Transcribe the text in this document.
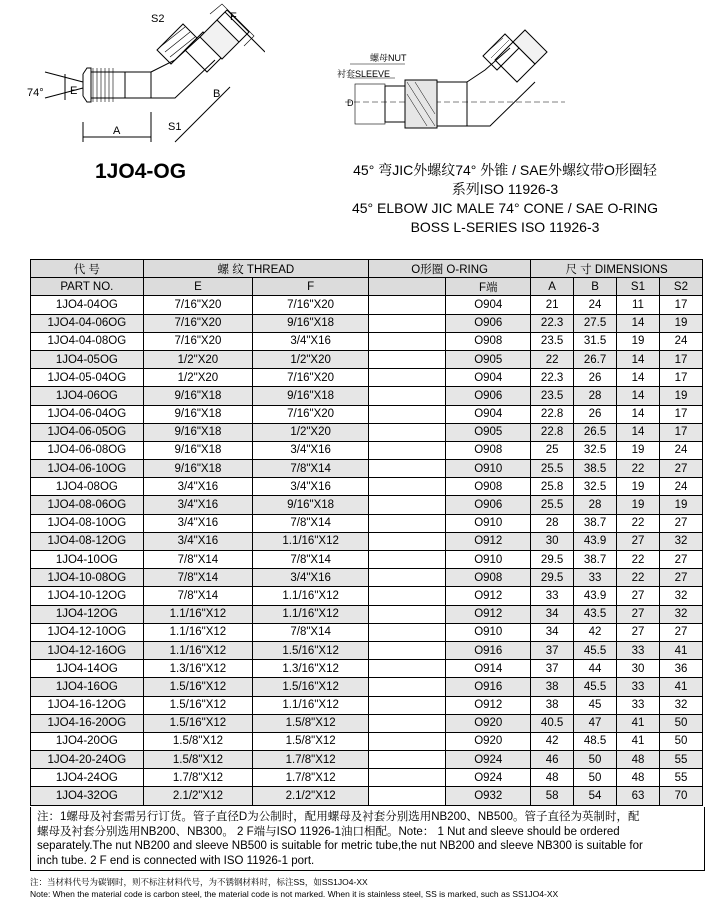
S2	F
74° E	B
A	S1
螺母NUT
衬套SLEEVE
D
1JO4-OG	45° 弯JIC外螺纹74° 外锥 / SAE外螺纹带O形圈轻
系列ISO 11926-3
45° ELBOW JIC MALE 74° CONE / SAE O-RING
BOSS L-SERIES ISO 11926-3
代 号	螺 纹 THREAD		O形圈 O-RING		尺 寸 DIMENSIONS			
PART NO.	E	F		F端	A	B	S1	S2
1JO4-04OG	7/16"X20	7/16"X20		O904	21	24	11	17
1JO4-04-06OG	7/16"X20	9/16"X18		O906	22.3	27.5	14	19
1JO4-04-08OG	7/16"X20	3/4"X16		O908	23.5	31.5	19	24
1JO4-05OG	1/2"X20	1/2"X20		O905	22	26.7	14	17
1JO4-05-04OG	1/2"X20	7/16"X20		O904	22.3	26	14	17
1JO4-06OG	9/16"X18	9/16"X18		O906	23.5	28	14	19
1JO4-06-04OG	9/16"X18	7/16"X20		O904	22.8	26	14	17
1JO4-06-05OG	9/16"X18	1/2"X20		O905	22.8	26.5	14	17
1JO4-06-08OG	9/16"X18	3/4"X16		O908	25	32.5	19	24
1JO4-06-10OG	9/16"X18	7/8"X14		O910	25.5	38.5	22	27
1JO4-08OG	3/4"X16	3/4"X16		O908	25.8	32.5	19	24
1JO4-08-06OG	3/4"X16	9/16"X18		O906	25.5	28	19	19
1JO4-08-10OG	3/4"X16	7/8"X14		O910	28	38.7	22	27
1JO4-08-12OG	3/4"X16	1.1/16"X12		O912	30	43.9	27	32
1JO4-10OG	7/8"X14	7/8"X14		O910	29.5	38.7	22	27
1JO4-10-08OG	7/8"X14	3/4"X16		O908	29.5	33	22	27
1JO4-10-12OG	7/8"X14	1.1/16"X12		O912	33	43.9	27	32
1JO4-12OG	1.1/16"X12	1.1/16"X12		O912	34	43.5	27	32
1JO4-12-10OG	1.1/16"X12	7/8"X14		O910	34	42	27	27
1JO4-12-16OG	1.1/16"X12	1.5/16"X12		O916	37	45.5	33	41
1JO4-14OG	1.3/16"X12	1.3/16"X12		O914	37	44	30	36
1JO4-16OG	1.5/16"X12	1.5/16"X12		O916	38	45.5	33	41
1JO4-16-12OG	1.5/16"X12	1.1/16"X12		O912	38	45	33	32
1JO4-16-20OG	1.5/16"X12	1.5/8"X12		O920	40.5	47	41	50
1JO4-20OG	1.5/8"X12	1.5/8"X12		O920	42	48.5	41	50
1JO4-20-24OG	1.5/8"X12	1.7/8"X12		O924	46	50	48	55
1JO4-24OG	1.7/8"X12	1.7/8"X12		O924	48	50	48	55
1JO4-32OG	2.1/2"X12	2.1/2"X12		O932	58	54	63	70
注：1螺母及衬套需另行订货。管子直径D为公制时，配用螺母及衬套分别选用NB200、NB500。管子直径为英制时，配
螺母及衬套分别选用NB200、NB300。 2 F端与ISO 11926-1油口相配。Note： 1 Nut and sleeve should be ordered
separately.The nut NB200 and sleeve NB500 is suitable for metric tube,the nut NB200 and sleeve NB300 is suitable for
inch tube. 2 F end is connected with ISO 11926-1 port.
注：当材料代号为碳钢时，则不标注材料代号，为不锈钢材料时，标注SS，如SS1JO4-XX
Note: When the material code is carbon steel, the material code is not marked. When it is stainless steel, SS is marked, such as SS1JO4-XX
